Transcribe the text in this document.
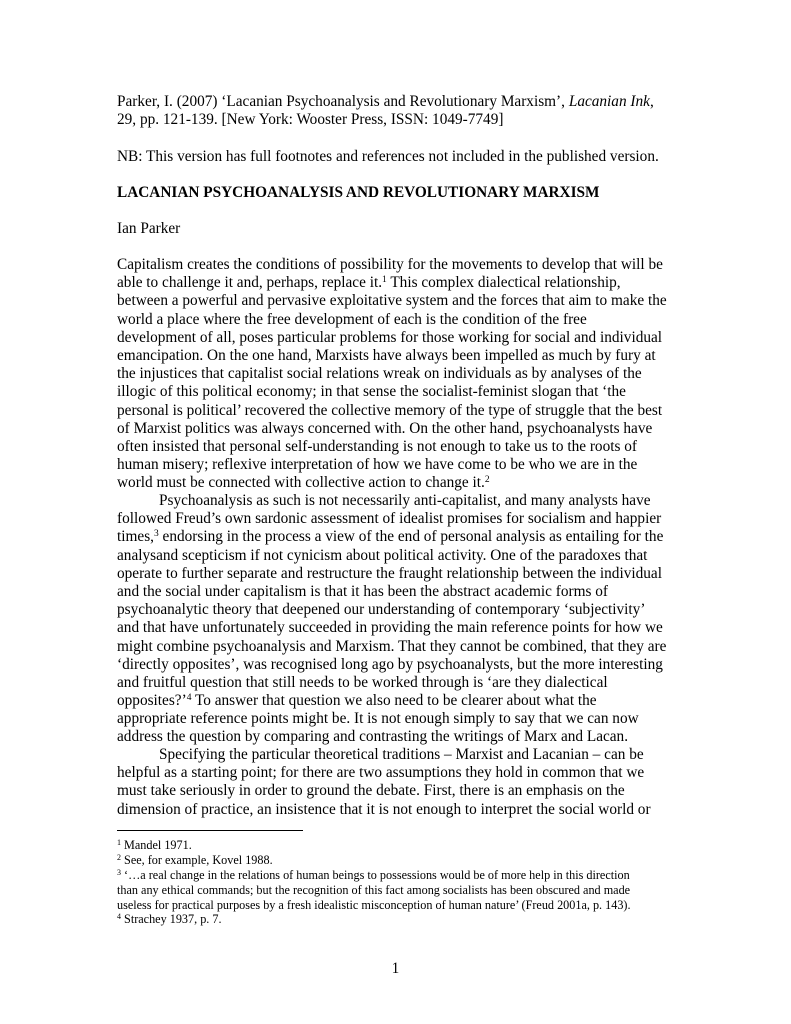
Parker, I. (2007) ‘Lacanian Psychoanalysis and Revolutionary Marxism’, Lacanian Ink,
29, pp. 121-139. [New York: Wooster Press, ISSN: 1049-7749]
NB: This version has full footnotes and references not included in the published version.
LACANIAN PSYCHOANALYSIS AND REVOLUTIONARY MARXISM
Ian Parker
Capitalism creates the conditions of possibility for the movements to develop that will be
able to challenge it and, perhaps, replace it.$^1$ This complex dialectical relationship,
between a powerful and pervasive exploitative system and the forces that aim to make the
world a place where the free development of each is the condition of the free
development of all, poses particular problems for those working for social and individual
emancipation. On the one hand, Marxists have always been impelled as much by fury at
the injustices that capitalist social relations wreak on individuals as by analyses of the
illogic of this political economy; in that sense the socialist-feminist slogan that ‘the
personal is political’ recovered the collective memory of the type of struggle that the best
of Marxist politics was always concerned with. On the other hand, psychoanalysts have
often insisted that personal self-understanding is not enough to take us to the roots of
human misery; reflexive interpretation of how we have come to be who we are in the
world must be connected with collective action to change it.$^2$
Psychoanalysis as such is not necessarily anti-capitalist, and many analysts have
followed Freud’s own sardonic assessment of idealist promises for socialism and happier
times,$^3$ endorsing in the process a view of the end of personal analysis as entailing for the
analysand scepticism if not cynicism about political activity. One of the paradoxes that
operate to further separate and restructure the fraught relationship between the individual
and the social under capitalism is that it has been the abstract academic forms of
psychoanalytic theory that deepened our understanding of contemporary ‘subjectivity’
and that have unfortunately succeeded in providing the main reference points for how we
might combine psychoanalysis and Marxism. That they cannot be combined, that they are
‘directly opposites’, was recognised long ago by psychoanalysts, but the more interesting
and fruitful question that still needs to be worked through is ‘are they dialectical
opposites?’$^4$ To answer that question we also need to be clearer about what the
appropriate reference points might be. It is not enough simply to say that we can now
address the question by comparing and contrasting the writings of Marx and Lacan.
Specifying the particular theoretical traditions – Marxist and Lacanian – can be
helpful as a starting point; for there are two assumptions they hold in common that we
must take seriously in order to ground the debate. First, there is an emphasis on the
dimension of practice, an insistence that it is not enough to interpret the social world or
$^1$ Mandel 1971.
$^2$ See, for example, Kovel 1988.
$^3$ ‘…a real change in the relations of human beings to possessions would be of more help in this direction
than any ethical commands; but the recognition of this fact among socialists has been obscured and made
useless for practical purposes by a fresh idealistic misconception of human nature’ (Freud 2001a, p. 143).
$^4$ Strachey 1937, p. 7.
1
